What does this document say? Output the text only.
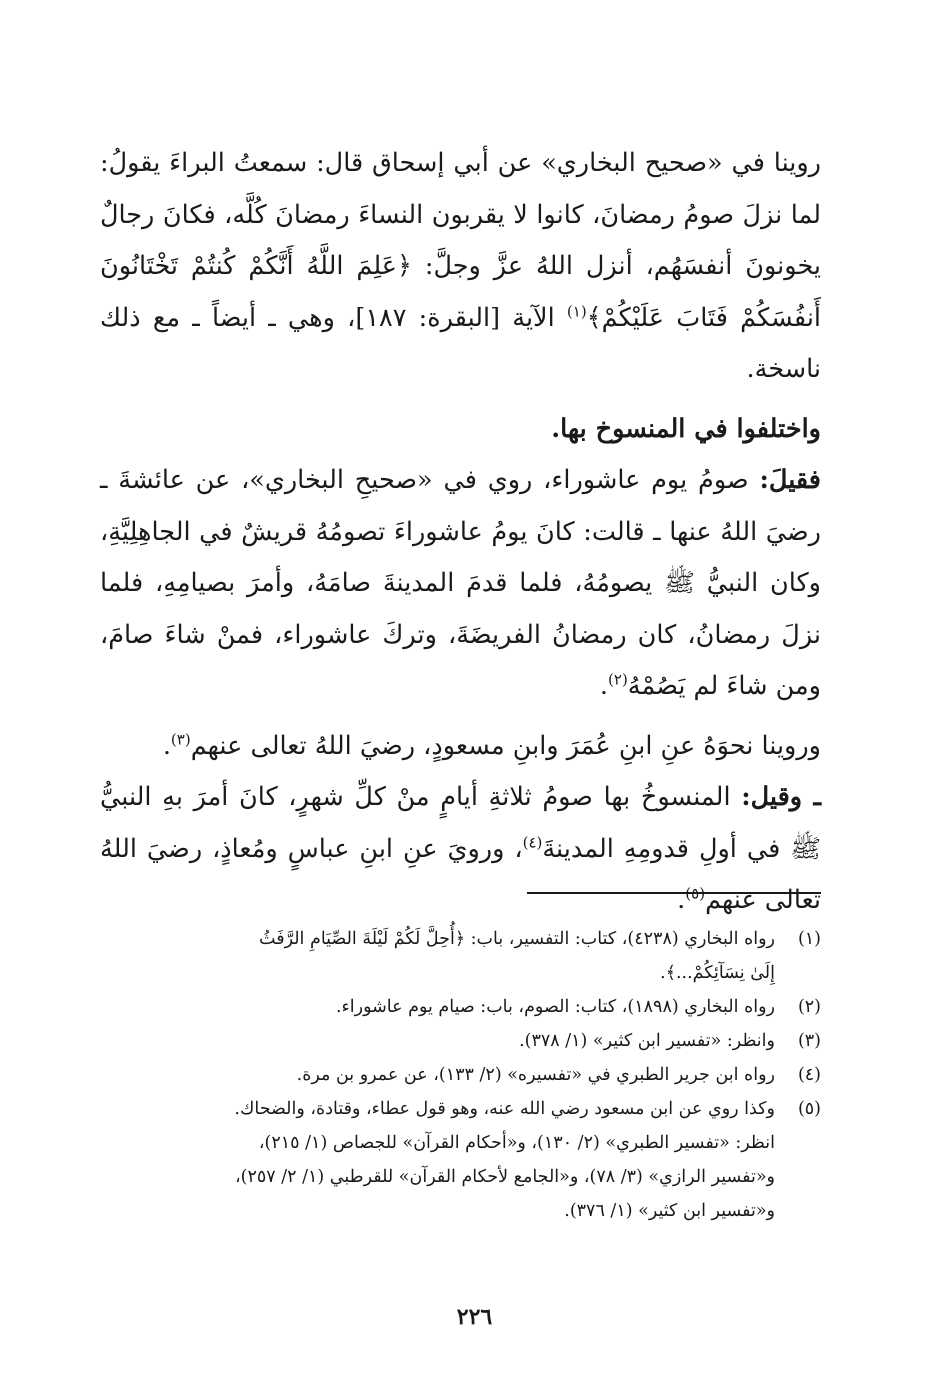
روينا في «صحيح البخاري» عن أبي إسحاق قال: سمعتُ البراءَ يقولُ: لما نزلَ صومُ رمضانَ، كانوا لا يقربون النساءَ رمضانَ كُلَّه، فكانَ رجالٌ يخونونَ أنفسَهُم، أنزل اللهُ عزَّ وجلَّ: ﴿عَلِمَ اللَّهُ أَنَّكُمْ كُنتُمْ تَخْتَانُونَ أَنفُسَكُمْ فَتَابَ عَلَيْكُمْ﴾$^{(١)}$ الآية [البقرة: ١٨٧]، وهي ـ أيضاً ـ مع ذلك ناسخة.

واختلفوا في المنسوخ بها.

فقيلَ: صومُ يوم عاشوراء، روي في «صحيحِ البخاري»، عن عائشةَ ـ رضيَ اللهُ عنها ـ قالت: كانَ يومُ عاشوراءَ تصومُهُ قريشٌ في الجاهِلِيَّةِ، وكان النبيُّ ﷺ يصومُهُ، فلما قدمَ المدينةَ صامَهُ، وأمرَ بصيامِهِ، فلما نزلَ رمضانُ، كان رمضانُ الفريضَةَ، وتركَ عاشوراء، فمنْ شاءَ صامَ، ومن شاءَ لم يَصُمْهُ$^{(٢)}$.

وروينا نحوَهُ عنِ ابنِ عُمَرَ وابنِ مسعودٍ، رضيَ اللهُ تعالى عنهم$^{(٣)}$.

ـ وقيل: المنسوخُ بها صومُ ثلاثةِ أيامٍ منْ كلِّ شهرٍ، كانَ أمرَ بهِ النبيُّ ﷺ في أولِ قدومِهِ المدينةَ$^{(٤)}$، ورويَ عنِ ابنِ عباسٍ ومُعاذٍ، رضيَ اللهُ تعالى عنهم$^{(٥)}$.

(١)
رواه البخاري (٤٢٣٨)، كتاب: التفسير، باب: ﴿أُحِلَّ لَكُمْ لَيْلَةَ الصِّيَامِ الرَّفَثُ
إِلَىٰ نِسَآئِكُمْ...﴾.
(٢)
رواه البخاري (١٨٩٨)، كتاب: الصوم، باب: صيام يوم عاشوراء.
(٣)
وانظر: «تفسير ابن كثير» (١/ ٣٧٨).
(٤)
رواه ابن جرير الطبري في «تفسيره» (٢/ ١٣٣)، عن عمرو بن مرة.
(٥)
وكذا روي عن ابن مسعود رضي الله عنه، وهو قول عطاء، وقتادة، والضحاك.
انظر: «تفسير الطبري» (٢/ ١٣٠)، و«أحكام القرآن» للجصاص (١/ ٢١٥)،
و«تفسير الرازي» (٣/ ٧٨)، و«الجامع لأحكام القرآن» للقرطبي (١/ ٢/ ٢٥٧)،
و«تفسير ابن كثير» (١/ ٣٧٦).
٢٢٦
